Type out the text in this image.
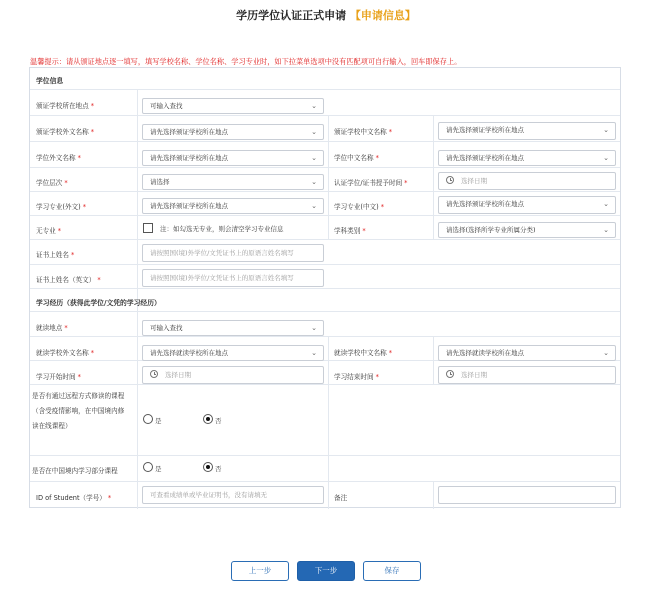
学历学位认证正式申请 【申请信息】
温馨提示：请从颁证地点逐一填写，填写学校名称、学位名称、学习专业时，如下拉菜单选项中没有匹配项可自行输入，回车即保存上。
学位信息
颁证学校所在地点 *	可输入查找	⌄
颁证学校外文名称 *	请先选择颁证学校所在地点	⌄	颁证学校中文名称 *	请先选择颁证学校所在地点	⌄
学位外文名称 *	请先选择颁证学校所在地点	⌄	学位中文名称 *	请先选择颁证学校所在地点	⌄
学位层次 *	请选择	⌄	认证学位/证书授予时间 *	选择日期
学习专业(外文) *	请先选择颁证学校所在地点	⌄	学习专业(中文) *	请先选择颁证学校所在地点	⌄
无专业 *	注：如勾选无专业，则会清空学习专业信息	学科类别 *	请选择(选择所学专业所属分类)	⌄
证书上姓名 *	请按照国(境)外学位/文凭证书上的原语言姓名填写
证书上姓名（英文） *	请按照国(境)外学位/文凭证书上的原语言姓名填写
学习经历（获得此学位/文凭的学习经历）
就读地点 *	可输入查找	⌄
就读学校外文名称 *	请先选择就读学校所在地点	⌄	就读学校中文名称 *	请先选择就读学校所在地点	⌄
学习开始时间 *	选择日期	学习结束时间 *	选择日期
是否有通过远程方式修读的课程
（含受疫情影响，在中国境内修
读在线课程）
是	否
是否在中国境内学习部分课程	是	否
ID of Student（学号） *	可查看成绩单或毕业证明书，没有请填无	备注
上一步	下一步	保存
